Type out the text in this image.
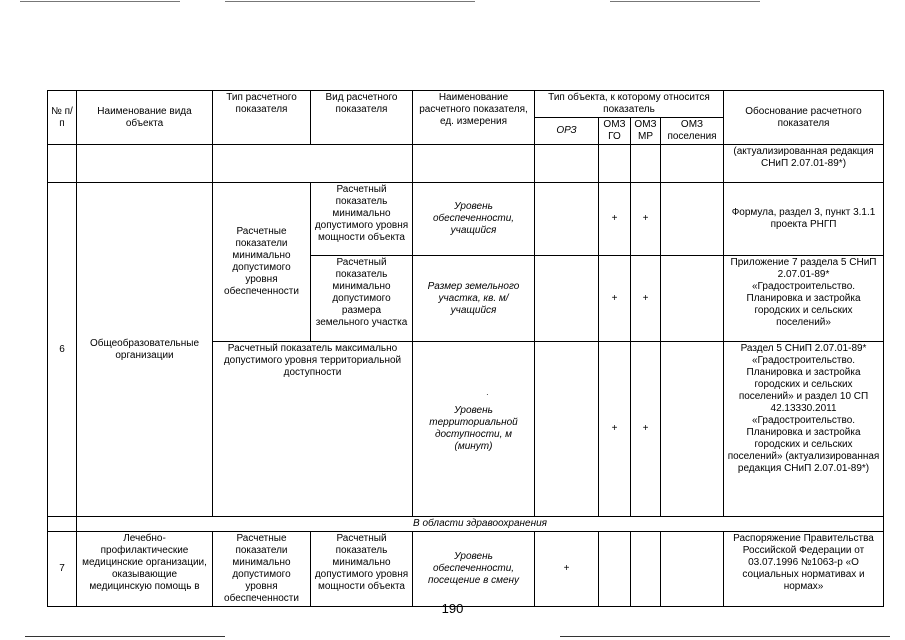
№ п/п	Наименование вида объекта	Тип расчетного показателя	Вид расчетного показателя	Наименование расчетного показателя, ед. измерения	Тип объекта, к которому относится показатель				Обоснование расчетного показателя
					ОРЗ	ОМЗ ГО	ОМЗ МР	ОМЗ поселения	
									(актуализированная редакция СНиП 2.07.01-89*)
6	Общеобразовательные организации	Расчетные показатели минимально допустимого уровня обеспеченности	Расчетный показатель минимально допустимого уровня мощности объекта	Уровень обеспеченности, учащийся		+	+		Формула, раздел 3, пункт 3.1.1 проекта РНГП
			Расчетный показатель минимально допустимого размера земельного участка	Размер земельного участка, кв. м/учащийся		+	+		Приложение 7 раздела 5 СНиП 2.07.01-89* «Градостроительство. Планировка и застройка городских и сельских поселений»
		Расчетный показатель максимально допустимого уровня территориальной доступности		Уровень территориальной доступности, м (минут)		+	+		Раздел 5 СНиП 2.07.01-89* «Градостроительство. Планировка и застройка городских и сельских поселений» и раздел 10 СП 42.13330.2011 «Градостроительство. Планировка и застройка городских и сельских поселений» (актуализированная редакция СНиП 2.07.01-89*)
	В области здравоохранения								
7	Лечебно-профилактические медицинские организации, оказывающие медицинскую помощь в	Расчетные показатели минимально допустимого уровня обеспеченности	Расчетный показатель минимально допустимого уровня мощности объекта	Уровень обеспеченности, посещение в смену	+				Распоряжение Правительства Российской Федерации от 03.07.1996 №1063-р «О социальных нормативах и нормах»
·
190
